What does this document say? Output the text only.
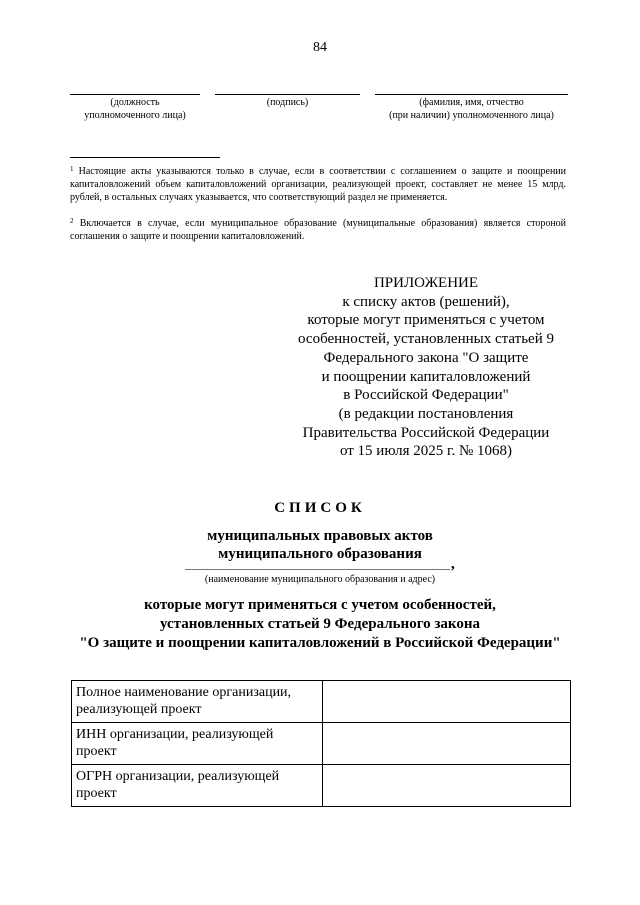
84
(должность
уполномоченного лица)
(подпись)	(фамилия, имя, отчество
(при наличии) уполномоченного лица)
$^1$ Настоящие акты указываются только в случае, если в соответствии с соглашением о защите и поощрении капиталовложений объем капиталовложений организации, реализующей проект, составляет не менее 15 млрд. рублей, в остальных случаях указывается, что соответствующий раздел не применяется.
$^2$ Включается в случае, если муниципальное образование (муниципальные образования) является стороной соглашения о защите и поощрении капиталовложений.
ПРИЛОЖЕНИЕ
к списку актов (решений),
которые могут применяться с учетом
особенностей, установленных статьей 9
Федерального закона "О защите
и поощрении капиталовложений
в Российской Федерации"
(в редакции постановления
Правительства Российской Федерации
от 15 июля 2025 г. № 1068)
СПИСОК
муниципальных правовых актов
муниципального образования
,
(наименование муниципального образования и адрес)
которые могут применяться с учетом особенностей,
установленных статьей 9 Федерального закона
"О защите и поощрении капиталовложений в Российской Федерации"
Полное наименование организации,
реализующей проект	

ИНН организации, реализующей
проект	

ОГРН организации, реализующей
проект	
